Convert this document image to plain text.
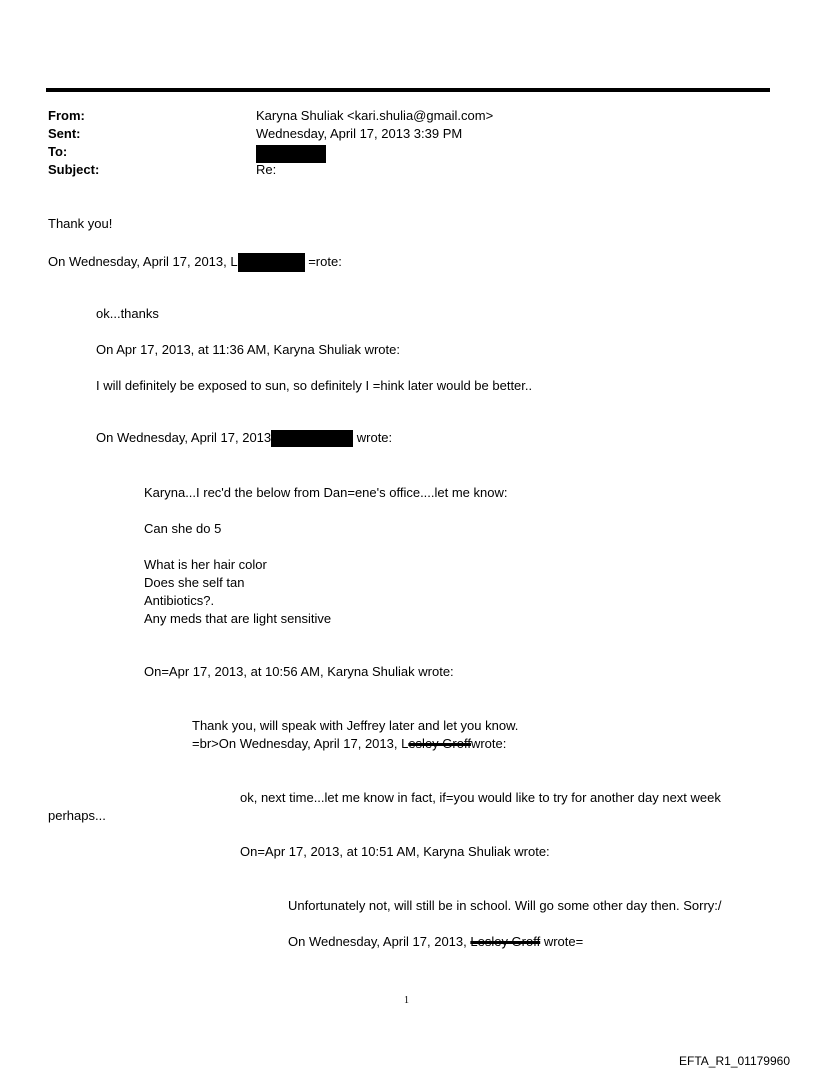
From:	Karyna Shuliak <kari.shulia@gmail.com>
Sent:	Wednesday, April 17, 2013 3:39 PM
To:
Subject:	Re:
Thank you!
On Wednesday, April 17, 2013, L	=rote:
ok...thanks
On Apr 17, 2013, at 11:36 AM, Karyna Shuliak wrote:
I will definitely be exposed to sun, so definitely I =hink later would be better..
On Wednesday, April 17, 2013	wrote:
Karyna...I rec'd the below from Dan=ene's office....let me know:
Can she do 5
What is her hair color
Does she self tan
Antibiotics?.
Any meds that are light sensitive
On=Apr 17, 2013, at 10:56 AM, Karyna Shuliak wrote:
Thank you, will speak with Jeffrey later and let you know.
=br>On Wednesday, April 17, 2013, Lesley Groffwrote:
ok, next time...let me know in fact, if=you would like to try for another day next week
perhaps...
On=Apr 17, 2013, at 10:51 AM, Karyna Shuliak wrote:
Unfortunately not, will still be in school. Will go some other day then. Sorry:/
On Wednesday, April 17, 2013, Lesley Groff wrote=
1
EFTA_R1_01179960
